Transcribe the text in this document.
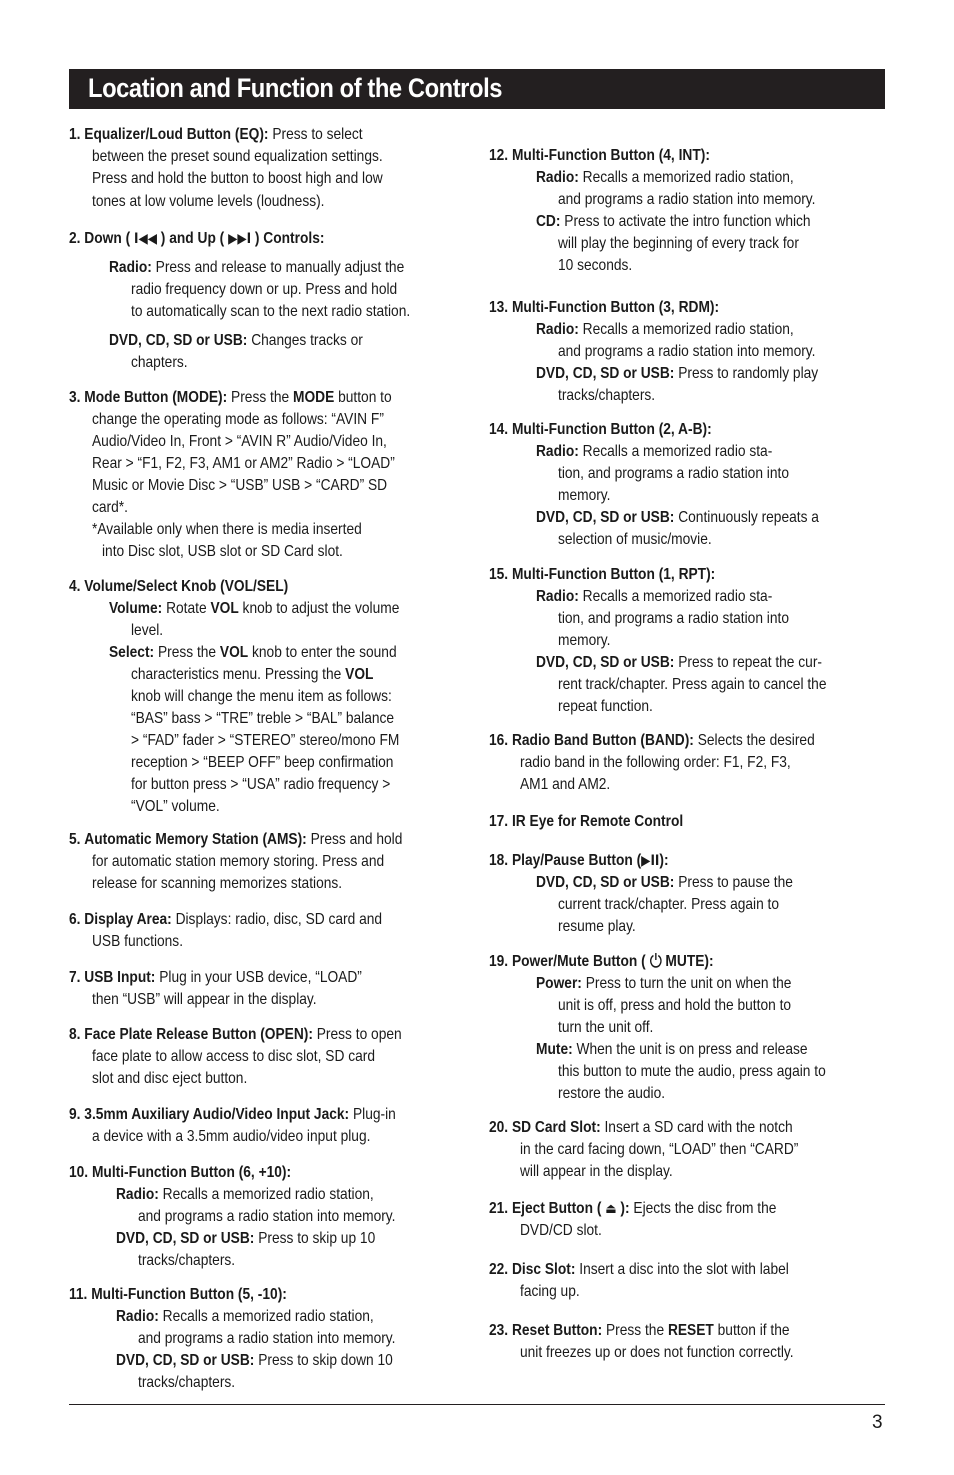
Location and Function of the Controls

1. Equalizer/Loud Button (EQ): Press to select

between the preset sound equalization settings.

Press and hold the button to boost high and low

tones at low volume levels (loudness).

2. Down ( I◀◀ ) and Up ( ▶▶I ) Controls:

Radio: Press and release to manually adjust the

radio frequency down or up. Press and hold

to automatically scan to the next radio station.

DVD, CD, SD or USB: Changes tracks or

chapters.

3. Mode Button (MODE): Press the MODE button to

change the operating mode as follows: “AVIN F”

Audio/Video In, Front > “AVIN R” Audio/Video In,

Rear > “F1, F2, F3, AM1 or AM2” Radio > “LOAD”

Music or Movie Disc > “USB” USB > “CARD” SD

card*.

*Available only when there is media inserted

into Disc slot, USB slot or SD Card slot.

4. Volume/Select Knob (VOL/SEL)

Volume: Rotate VOL knob to adjust the volume

level.

Select: Press the VOL knob to enter the sound

characteristics menu. Pressing the VOL

knob will change the menu item as follows:

“BAS” bass > “TRE” treble > “BAL” balance

> “FAD” fader > “STEREO” stereo/mono FM

reception > “BEEP OFF” beep confirmation

for button press > “USA” radio frequency >

“VOL” volume.

5. Automatic Memory Station (AMS): Press and hold

for automatic station memory storing. Press and

release for scanning memorizes stations.

6. Display Area: Displays: radio, disc, SD card and

USB functions.

7. USB Input: Plug in your USB device, “LOAD”

then “USB” will appear in the display.

8. Face Plate Release Button (OPEN): Press to open

face plate to allow access to disc slot, SD card

slot and disc eject button.

9. 3.5mm Auxiliary Audio/Video Input Jack: Plug-in

a device with a 3.5mm audio/video input plug.

10. Multi-Function Button (6, +10):

Radio: Recalls a memorized radio station,

and programs a radio station into memory.

DVD, CD, SD or USB: Press to skip up 10

tracks/chapters.

11. Multi-Function Button (5, -10):

Radio: Recalls a memorized radio station,

and programs a radio station into memory.

DVD, CD, SD or USB: Press to skip down 10

tracks/chapters.

12. Multi-Function Button (4, INT):

Radio: Recalls a memorized radio station,

and programs a radio station into memory.

CD: Press to activate the intro function which

will play the beginning of every track for

10 seconds.

13. Multi-Function Button (3, RDM):

Radio: Recalls a memorized radio station,

and programs a radio station into memory.

DVD, CD, SD or USB: Press to randomly play

tracks/chapters.

14. Multi-Function Button (2, A-B):

Radio: Recalls a memorized radio sta-

tion, and programs a radio station into

memory.

DVD, CD, SD or USB: Continuously repeats a

selection of music/movie.

15. Multi-Function Button (1, RPT):

Radio: Recalls a memorized radio sta-

tion, and programs a radio station into

memory.

DVD, CD, SD or USB: Press to repeat the cur-

rent track/chapter. Press again to cancel the

repeat function.

16. Radio Band Button (BAND): Selects the desired

radio band in the following order: F1, F2, F3,

AM1 and AM2.

17. IR Eye for Remote Control

18. Play/Pause Button (▶II):

DVD, CD, SD or USB: Press to pause the

current track/chapter. Press again to

resume play.

19. Power/Mute Button (  MUTE):

Power: Press to turn the unit on when the

unit is off, press and hold the button to

turn the unit off.

Mute: When the unit is on press and release

this button to mute the audio, press again to

restore the audio.

20. SD Card Slot: Insert a SD card with the notch

in the card facing down, “LOAD” then “CARD”

will appear in the display.

21. Eject Button ( ⏏ ): Ejects the disc from the

DVD/CD slot.

22. Disc Slot: Insert a disc into the slot with label

facing up.

23. Reset Button: Press the RESET button if the

unit freezes up or does not function correctly.

3
